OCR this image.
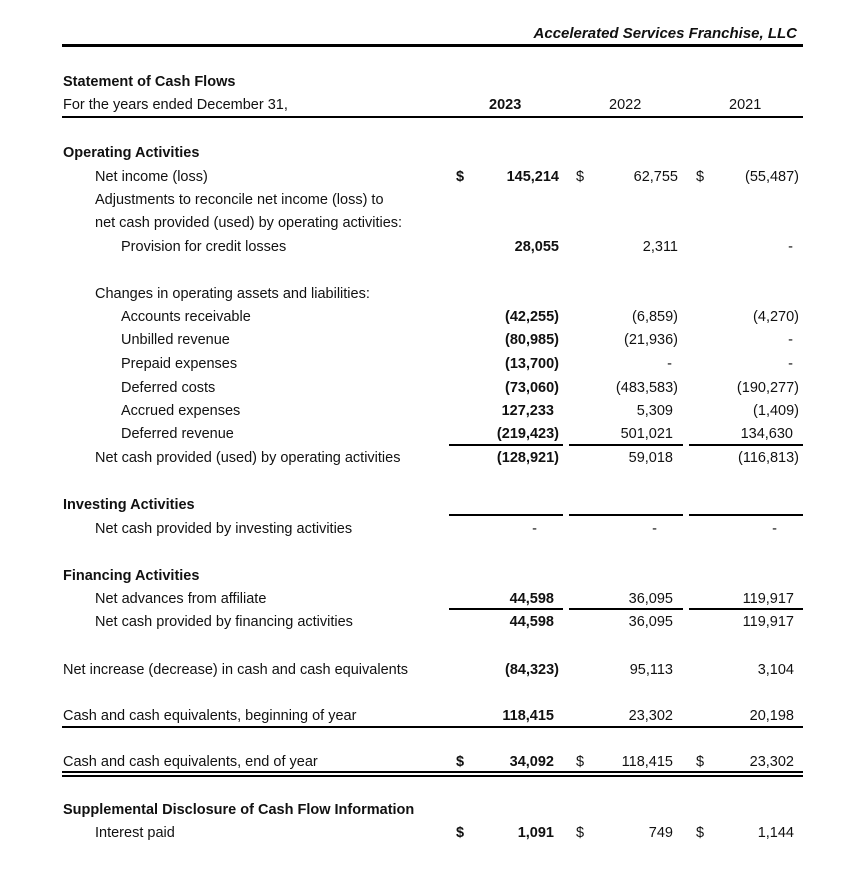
Accelerated Services Franchise, LLC
Statement of Cash Flows
For the years ended December 31,	2023	2022	2021
Operating Activities
Net income (loss)	$	145,214 $	62,755 $	(55,487)
Adjustments to reconcile net income (loss) to
net cash provided (used) by operating activities:
Provision for credit losses	28,055	2,311	-
Changes in operating assets and liabilities:
Accounts receivable	(42,255)	(6,859)	(4,270)
Unbilled revenue	(80,985)	(21,936)	-
Prepaid expenses	(13,700)	-	-
Deferred costs	(73,060)	(483,583)	(190,277)
Accrued expenses	127,233	5,309	(1,409)
Deferred revenue	(219,423)	501,021	134,630
Net cash provided (used) by operating activities	(128,921)	59,018	(116,813)
Investing Activities
Net cash provided by investing activities	-	-	-
Financing Activities
Net advances from affiliate	44,598	36,095	119,917
Net cash provided by financing activities	44,598	36,095	119,917
Net increase (decrease) in cash and cash equivalents	(84,323)	95,113	3,104
Cash and cash equivalents, beginning of year	118,415	23,302	20,198
Cash and cash equivalents, end of year	$	34,092 $	118,415 $	23,302
Supplemental Disclosure of Cash Flow Information
Interest paid	$	1,091 $	749 $	1,144
